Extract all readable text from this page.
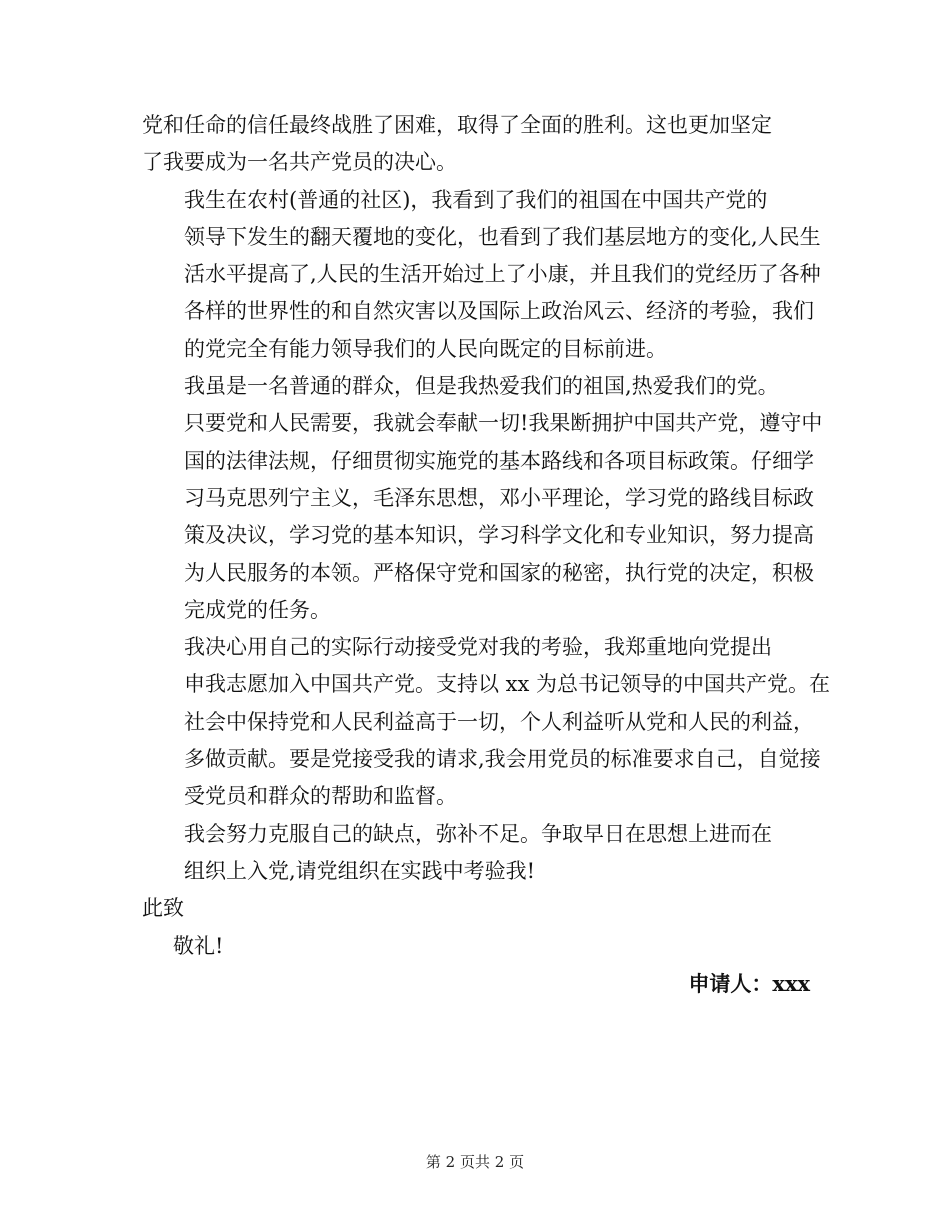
党和任命的信任最终战胜了困难，取得了全面的胜利。这也更加坚定
了我要成为一名共产党员的决心。

我生在农村(普通的社区)，我看到了我们的祖国在中国共产党的
领导下发生的翻天覆地的变化，也看到了我们基层地方的变化,人民生
活水平提高了,人民的生活开始过上了小康，并且我们的党经历了各种
各样的世界性的和自然灾害以及国际上政治风云、经济的考验，我们
的党完全有能力领导我们的人民向既定的目标前进。

我虽是一名普通的群众，但是我热爱我们的祖国,热爱我们的党。
只要党和人民需要，我就会奉献一切!我果断拥护中国共产党，遵守中
国的法律法规，仔细贯彻实施党的基本路线和各项目标政策。仔细学
习马克思列宁主义，毛泽东思想，邓小平理论，学习党的路线目标政
策及决议，学习党的基本知识，学习科学文化和专业知识，努力提高
为人民服务的本领。严格保守党和国家的秘密，执行党的决定，积极
完成党的任务。

我决心用自己的实际行动接受党对我的考验，我郑重地向党提出
申我志愿加入中国共产党。支持以 xx 为总书记领导的中国共产党。在
社会中保持党和人民利益高于一切，个人利益听从党和人民的利益，
多做贡献。要是党接受我的请求,我会用党员的标准要求自己，自觉接
受党员和群众的帮助和监督。

我会努力克服自己的缺点，弥补不足。争取早日在思想上进而在
组织上入党,请党组织在实践中考验我!

此致

敬礼!

申请人：xxx

第 2 页共 2 页
